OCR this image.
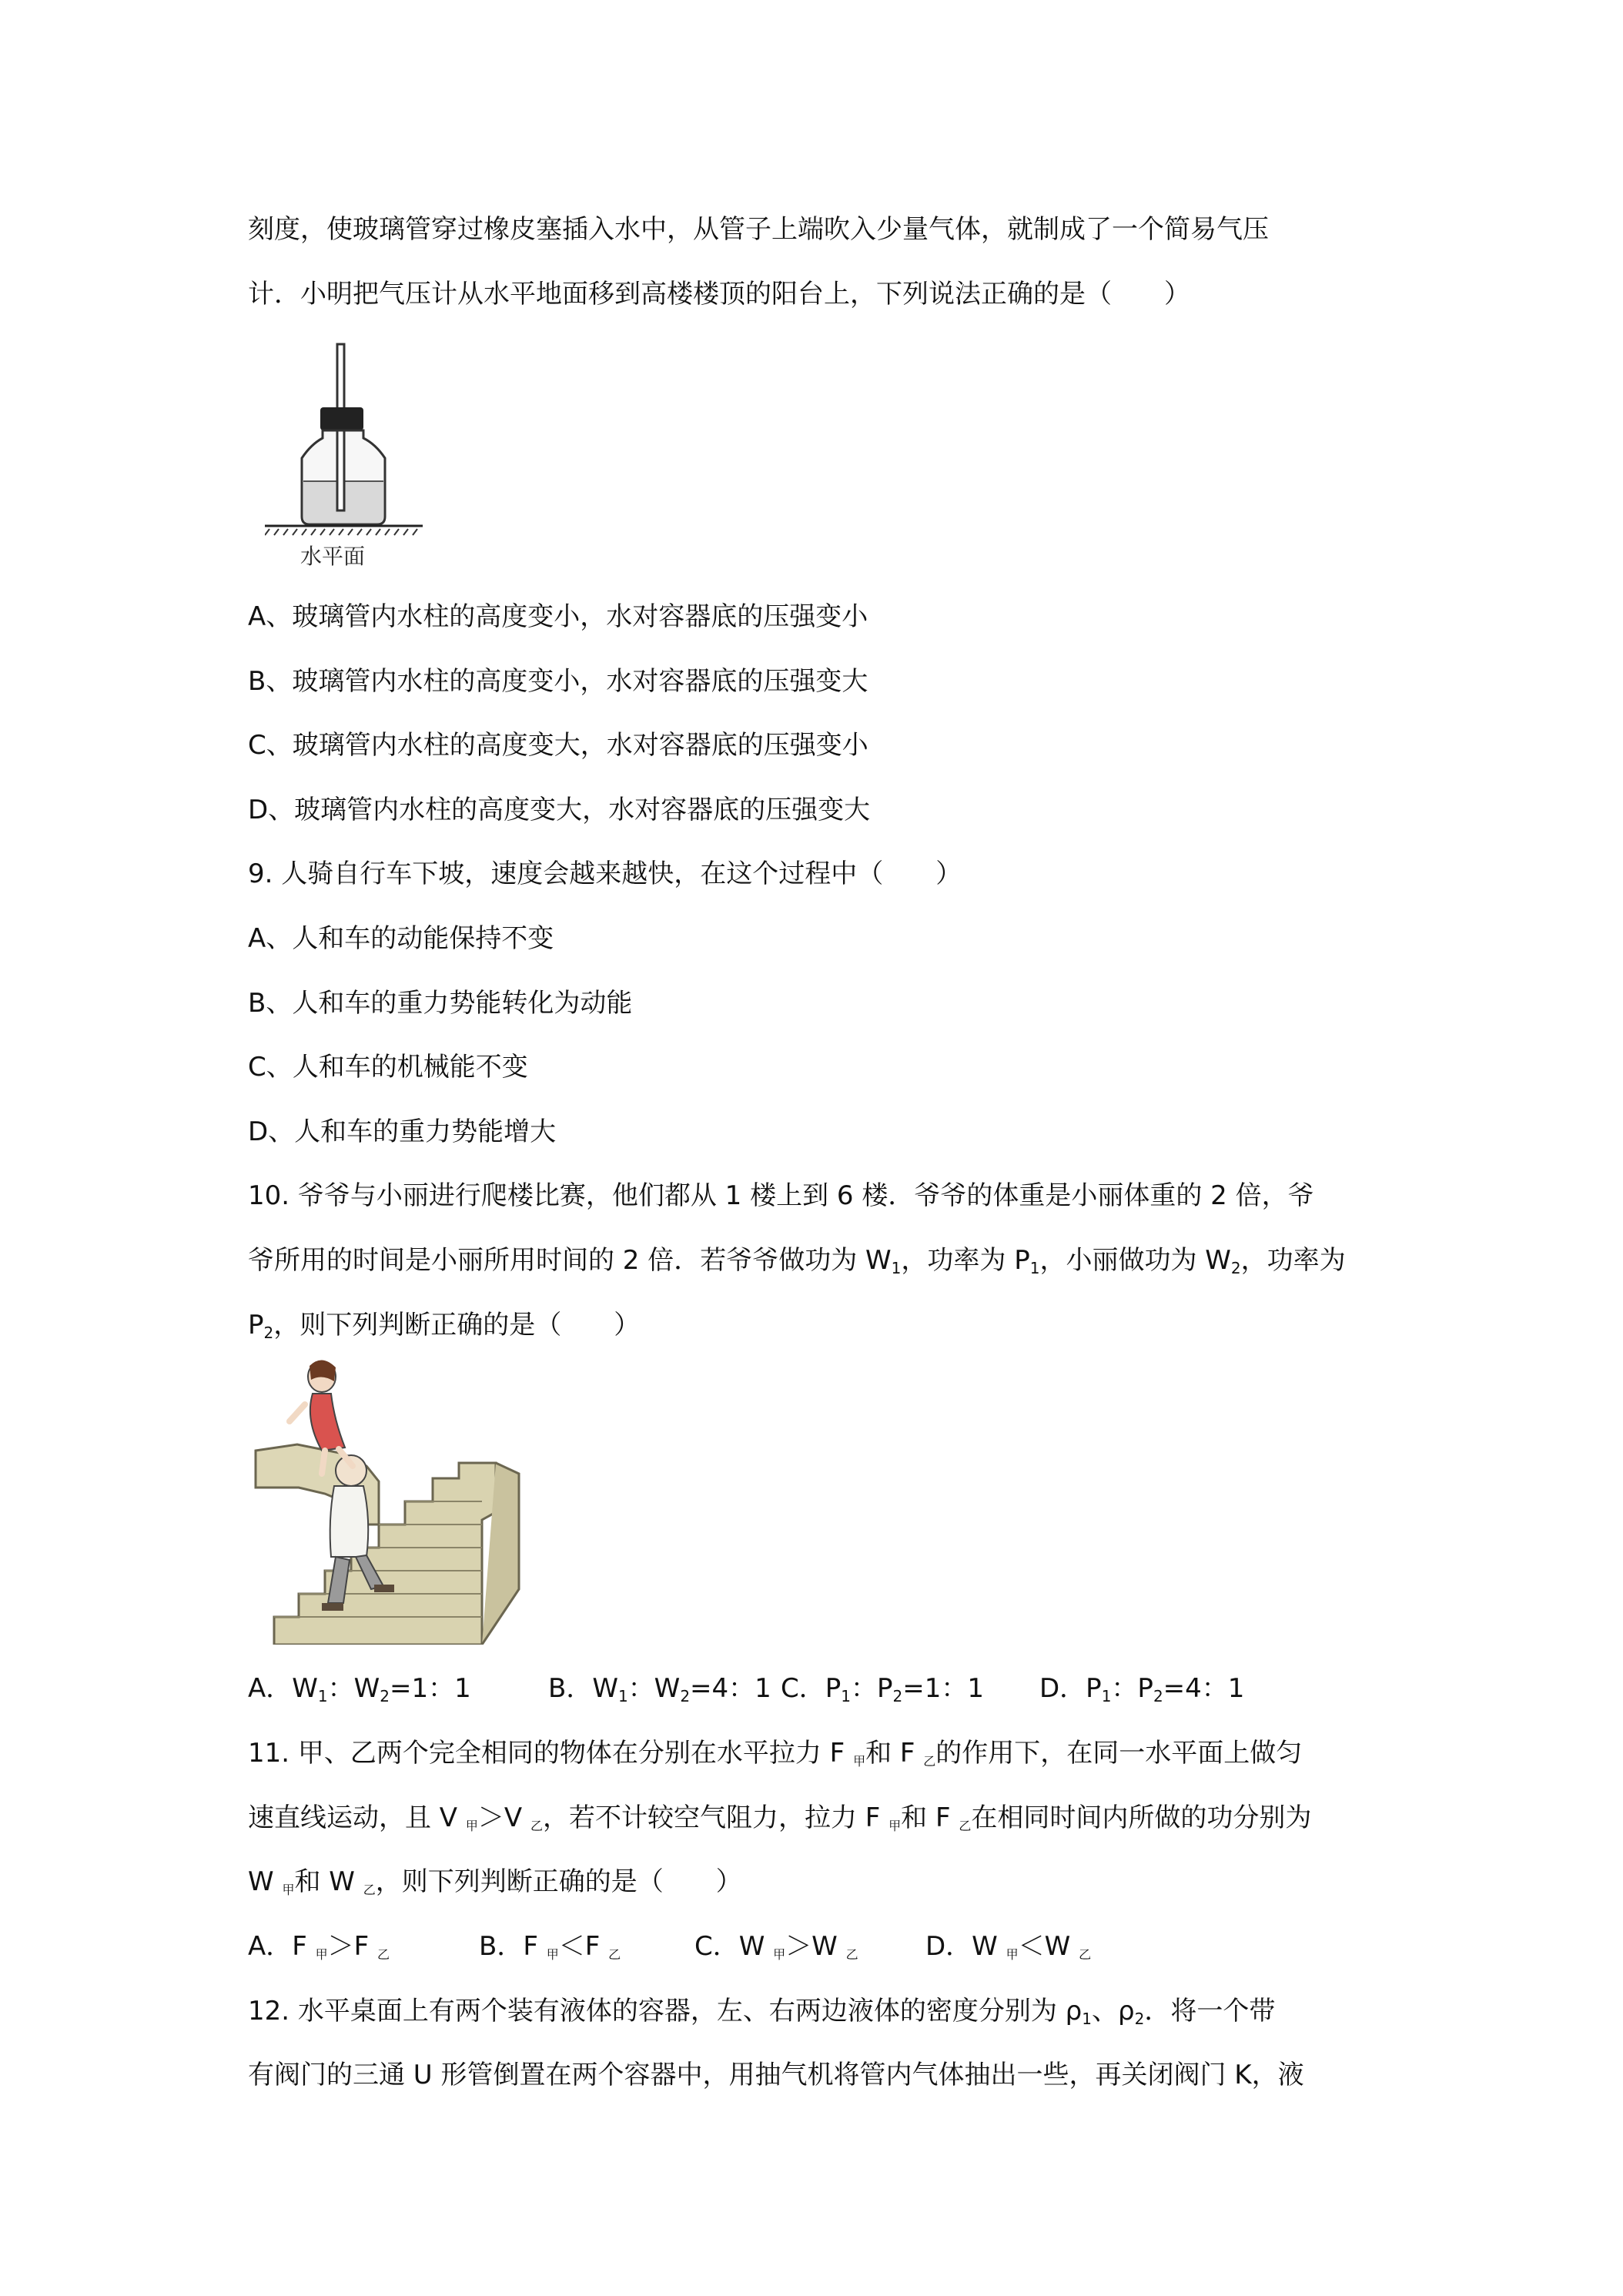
刻度，使玻璃管穿过橡皮塞插入水中，从管子上端吹入少量气体，就制成了一个简易气压
计．小明把气压计从水平地面移到高楼楼顶的阳台上，下列说法正确的是（　　）
水平面
A、玻璃管内水柱的高度变小，水对容器底的压强变小
B、玻璃管内水柱的高度变小，水对容器底的压强变大
C、玻璃管内水柱的高度变大，水对容器底的压强变小
D、玻璃管内水柱的高度变大，水对容器底的压强变大
9. 人骑自行车下坡，速度会越来越快，在这个过程中（　　）
A、人和车的动能保持不变
B、人和车的重力势能转化为动能
C、人和车的机械能不变
D、人和车的重力势能增大
10. 爷爷与小丽进行爬楼比赛，他们都从 1 楼上到 6 楼．爷爷的体重是小丽体重的 2 倍，爷
爷所用的时间是小丽所用时间的 2 倍．若爷爷做功为 $W_1$，功率为 $P_1$，小丽做功为 $W_2$，功率为
$P_2$，则下列判断正确的是（　　）
A．$W_1$：$W_2=1$：1	B．$W_1$：$W_2=4$：1 C．$P_1$：$P_2=1$：1 D．$P_1$：$P_2=4$：1
11. 甲、乙两个完全相同的物体在分别在水平拉力 F $_甲$和 F $_乙$的作用下，在同一水平面上做匀
速直线运动，且 V $_甲$＞V $_乙$，若不计较空气阻力，拉力 F $_甲$和 F $_乙$在相同时间内所做的功分别为
W $_甲$和 W $_乙$，则下列判断正确的是（　　）
A．F $_甲$＞F $_乙$	B．F $_甲$＜F $_乙$	C．W $_甲$＞W $_乙$	D．W $_甲$＜W $_乙$
12. 水平桌面上有两个装有液体的容器，左、右两边液体的密度分别为 $\rho_1$、$\rho_2$．将一个带
有阀门的三通 U 形管倒置在两个容器中，用抽气机将管内气体抽出一些，再关闭阀门 K，液
